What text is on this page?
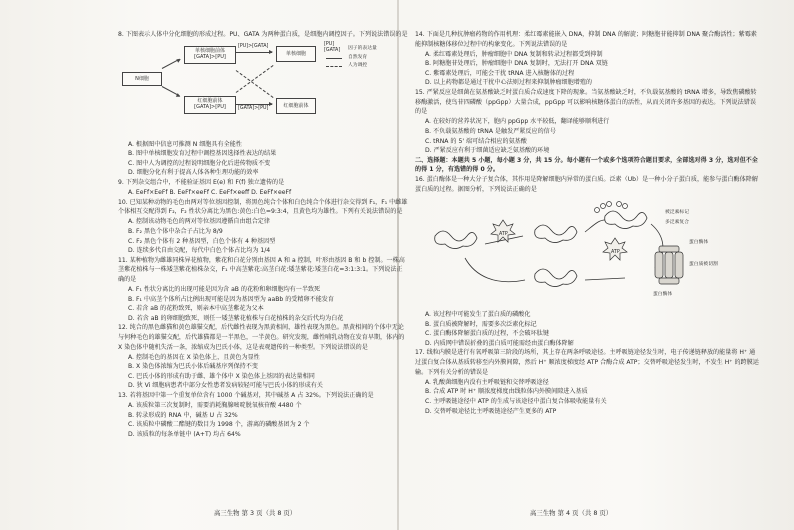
8. 下图表示人体中分化细胞的形成过程。PU、GATA 为两种蛋白质，是细胞内调控因子。下列说法错误的是

N细胞
单核细胞前体
[GATA]>[PU]
红细胞前体
[GATA]>[PU]
[PU]>[GATA]
[GATA]>[PU]
单核细胞
红细胞前体
[PU]
[GATA]	因子的表达量
自然发育
人为调控

A. 根据图中信息可推测 N 细胞具有全能性

B. 图中单核细胞发育过程中调控基因选择性表达的结果

C. 图中人为调控的过程说明细胞分化后进传物质不变

D. 细胞分化有利于提高人体各种生理功能的效率

9. 下列杂交组合中，不能验证基因 E(e) 和 F(f) 独立遗传的是

A. EeFf×EeFf B. EeFf×eeFf C. EeFf×eeff D. EeFf×eeFf

10. 已知某种动物的毛色由两对等位基因控制，将黑色纯合个体和白色纯合个体进行杂交得到 F₁，F₁ 中雌雄个体相互交配得到 F₂，F₂ 性状分离比为黑色:黄色:白色=9:3:4，且黄色均为雄性。下列有关说法错误的是

A. 控制该动物毛色的两对等位基因遵循自由组合定律

B. F₂ 黑色个体中杂合子占比为 8/9

C. F₂ 黑色个体有 2 种基因型，白色个体有 4 种基因型

D. 连续多代自由交配，每代中白色个体占比均为 1/4

11. 某种植物为雌雄同株异花植物，紫花和白花分别由基因 A 和 a 控制，叶形由基因 B 和 b 控制。一株高茎紫花植株与一株矮茎紫花植株杂交，F₁ 中高茎紫花:高茎白花:矮茎紫花:矮茎白花=3:1:3:1。下列说法正确的是

A. F₁ 性状分离比的出现可能是因为含 aB 的花粉和卵细胞均有一半致死

B. F₁ 中高茎个体所占比例出现可能是因为基因型为 aaBb 的受精卵不能发育

C. 若含 aB 的花粉致死，则亲本中高茎紫花为父本

D. 若含 aB 的卵细胞致死，则任一矮茎紫花植株与白花植株的杂交后代均为白花

12. 纯合的黑色雌猫和黄色雄猫交配，后代雌性表现为黑黄相间，雄性表现为黑色。黑黄相间的个体中无论与何种毛色的雄猫交配，后代雄猫都是一半黑色，一半黄色。研究发现，雌性哺乳动物在发育早期，体内的 X 染色体中随机失活一条，浓缩成为巴氏小体，这是表观遗传的一种类型。下列说法错误的是

A. 控制毛色的基因在 X 染色体上，且黄色为显性

B. X 染色体浓缩为巴氏小体后碱基序列保持不变

C. 巴氏小体的形成有助于雌、雄个体中 X 染色体上基因的表达量相同

D. 狄 Vi 细胞病患者中部分女性患者发病较轻可能与巴氏小体的形成有关

13. 若将基因中第一个重复单位含有 1000 个碱基对，其中碱基 A 占 32%。下列说法正确的是

A. 该质粒第三次复制时，需要消耗胸腺嘧啶脱氧核苷酸 4480 个

B. 转录形成的 RNA 中，碱基 U 占 32%

C. 该质粒中磷酸二酯键的数目为 1998 个，游离的磷酸基团为 2 个

D. 该质粒的每条单链中 (A+T) 均占 64%

高三生物 第 3 页（共 8 页）

14. 下面是几种抗肿瘤药物的作用机理：柔红霉素能嵌入 DNA，抑制 DNA 的解旋；阿糖胞苷能抑制 DNA 聚合酶活性；紫霉素能抑制核糖体移位过程中的构象变化。下列说法错误的是

A. 柔红霉素处理后，肿瘤细胞中 DNA 复制和转录过程都受到抑制

B. 阿糖胞苷处理后，肿瘤细胞中 DNA 复制时，无法打开 DNA 双链

C. 紫霉素处理后，可能会干扰 tRNA 进入核糖体的过程

D. 以上药物都是通过干扰中心法则过程来抑制肿瘤细胞增殖的

15. 严紧反应是细菌在氨基酸缺乏时蛋白质合成速度下降的现象。当氨基酸缺乏时，不负载氨基酸的 tRNA 增多，导致焦磷酸转移酶激活，使鸟苷四磷酸（ppGpp）大量合成，ppGpp 可以影响核糖体蛋白的活性，从而关闭许多基因的表达。下列说法错误的是

A. 在较好的营养状况下，胞内 ppGpp 水平较低，翻译能够顺利进行

B. 不负载氨基酸的 tRNA 是触发严紧反应的信号

C. tRNA 的 5' 端可结合相应的氨基酸

D. 严紧反应有利于细菌适应缺乏氨基酸的环境

二、选择题：本题共 5 小题，每小题 3 分，共 15 分。每小题有一个或多个选项符合题目要求，全部选对得 3 分，选对但不全的得 1 分，有选错的得 0 分。

16. 蛋白酶体是一种大分子复合体，其作用是降解细胞内异常的蛋白质。泛素（Ub）是一种小分子蛋白质，能参与蛋白酶体降解蛋白质的过程。据图分析，下列说法正确的是

ATP
ATP
被泛素标记
多泛素复合
蛋白酶体
蛋白质被切割
蛋白酶体

A. 该过程中可能发生了蛋白质的磷酸化

B. 蛋白质被降解时，需要多次泛素化标记

C. 蛋白酶体降解蛋白质的过程，不会破坏肽键

D. 内质网中错误折叠的蛋白质可能需经由蛋白酶体降解

17. 线粒内膜是进行有氧呼吸第三阶段的场所，其上存在两条呼吸途径。主呼吸链途径发生时，电子传递链释放的能量将 H⁺ 通过蛋白复合体从基质转移至内外膜间隙，然后 H⁺ 顺浓度梯度经 ATP 合酶合成 ATP；交替呼吸途径发生时，不发生 H⁺ 的跨膜运输。下列有关分析的错误是

A. 乳酸菌细胞内没有主呼吸链和交替呼吸途径

B. 合成 ATP 时 H⁺ 顺浓度梯度由线粒体内外膜间隙进入基质

C. 主呼吸链途径中 ATP 的生成与该途径中蛋白复合体吸收能量有关

D. 交替呼吸途径比主呼吸链途径产生更多的 ATP

高三生物 第 4 页（共 8 页）
